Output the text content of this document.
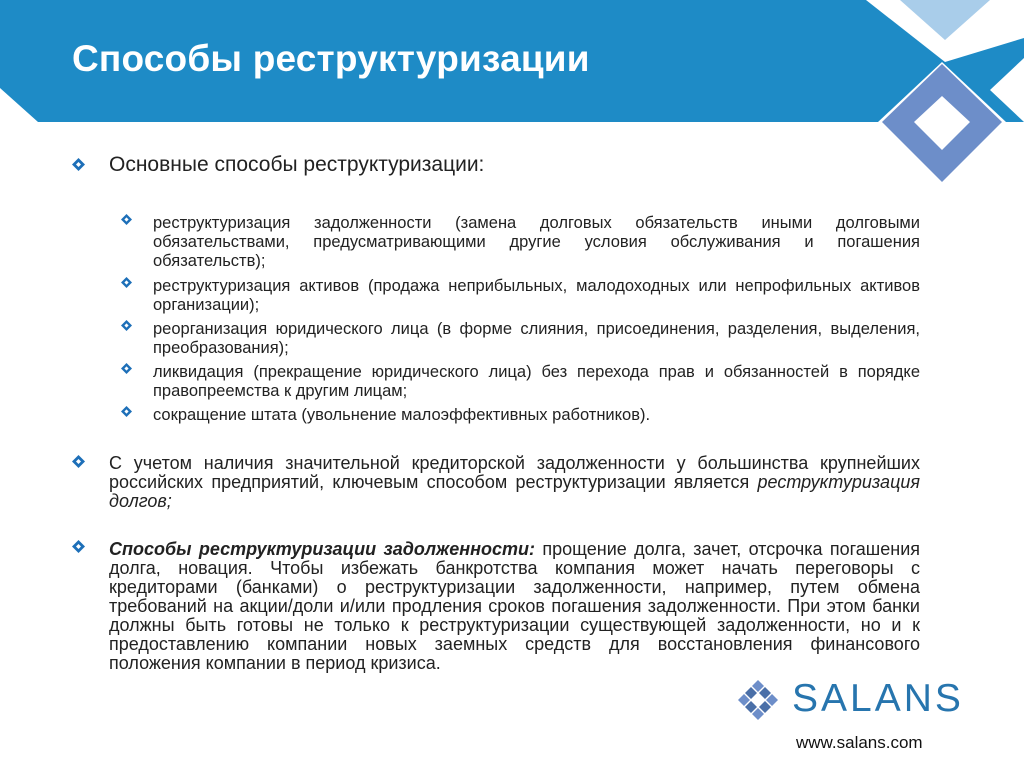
Способы реструктуризации

Основные способы реструктуризации:

реструктуризация задолженности (замена долговых обязательств иными долговыми обязательствами, предусматривающими другие условия обслуживания и погашения обязательств);

реструктуризация активов (продажа неприбыльных, малодоходных или непрофильных активов организации);

реорганизация юридического лица (в форме слияния, присоединения, разделения, выделения, преобразования);

ликвидация (прекращение юридического лица) без перехода прав и обязанностей в порядке правопреемства к другим лицам;

сокращение штата (увольнение малоэффективных работников).

С учетом наличия значительной кредиторской задолженности у большинства крупнейших российских предприятий, ключевым способом реструктуризации является реструктуризация долгов;

Способы реструктуризации задолженности: прощение долга, зачет, отсрочка погашения долга, новация. Чтобы избежать банкротства компания может начать переговоры с кредиторами (банками) о реструктуризации задолженности, например, путем обмена требований на акции/доли и/или продления сроков погашения задолженности. При этом банки должны быть готовы не только к реструктуризации существующей задолженности, но и к предоставлению компании новых заемных средств для восстановления финансового положения компании в период кризиса.

SALANS

www.salans.com
